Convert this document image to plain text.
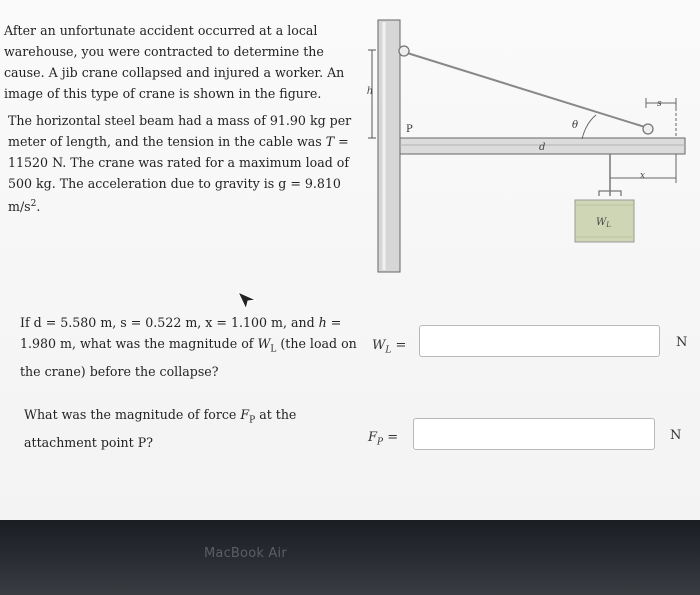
After an unfortunate accident occurred at a local warehouse, you were contracted to determine the cause. A jib crane collapsed and injured a worker. An image of this type of crane is shown in the figure.

The horizontal steel beam had a mass of 91.90 kg per meter of length, and the tension in the cable was T = 11520 N. The crane was rated for a maximum load of 500 kg. The acceleration due to gravity is g = 9.810 $m/s^2$.

h
P	θ
d
s
x
$W_L$

If d = 5.580 m, s = 0.522 m, x = 1.100 m, and h = 1.980 m, what was the magnitude of $W_L$ (the load on the crane) before the collapse?

$W_L$ =	N

What was the magnitude of force $F_P$ at the attachment point P?	$F_P$ =	N
MacBook Air
